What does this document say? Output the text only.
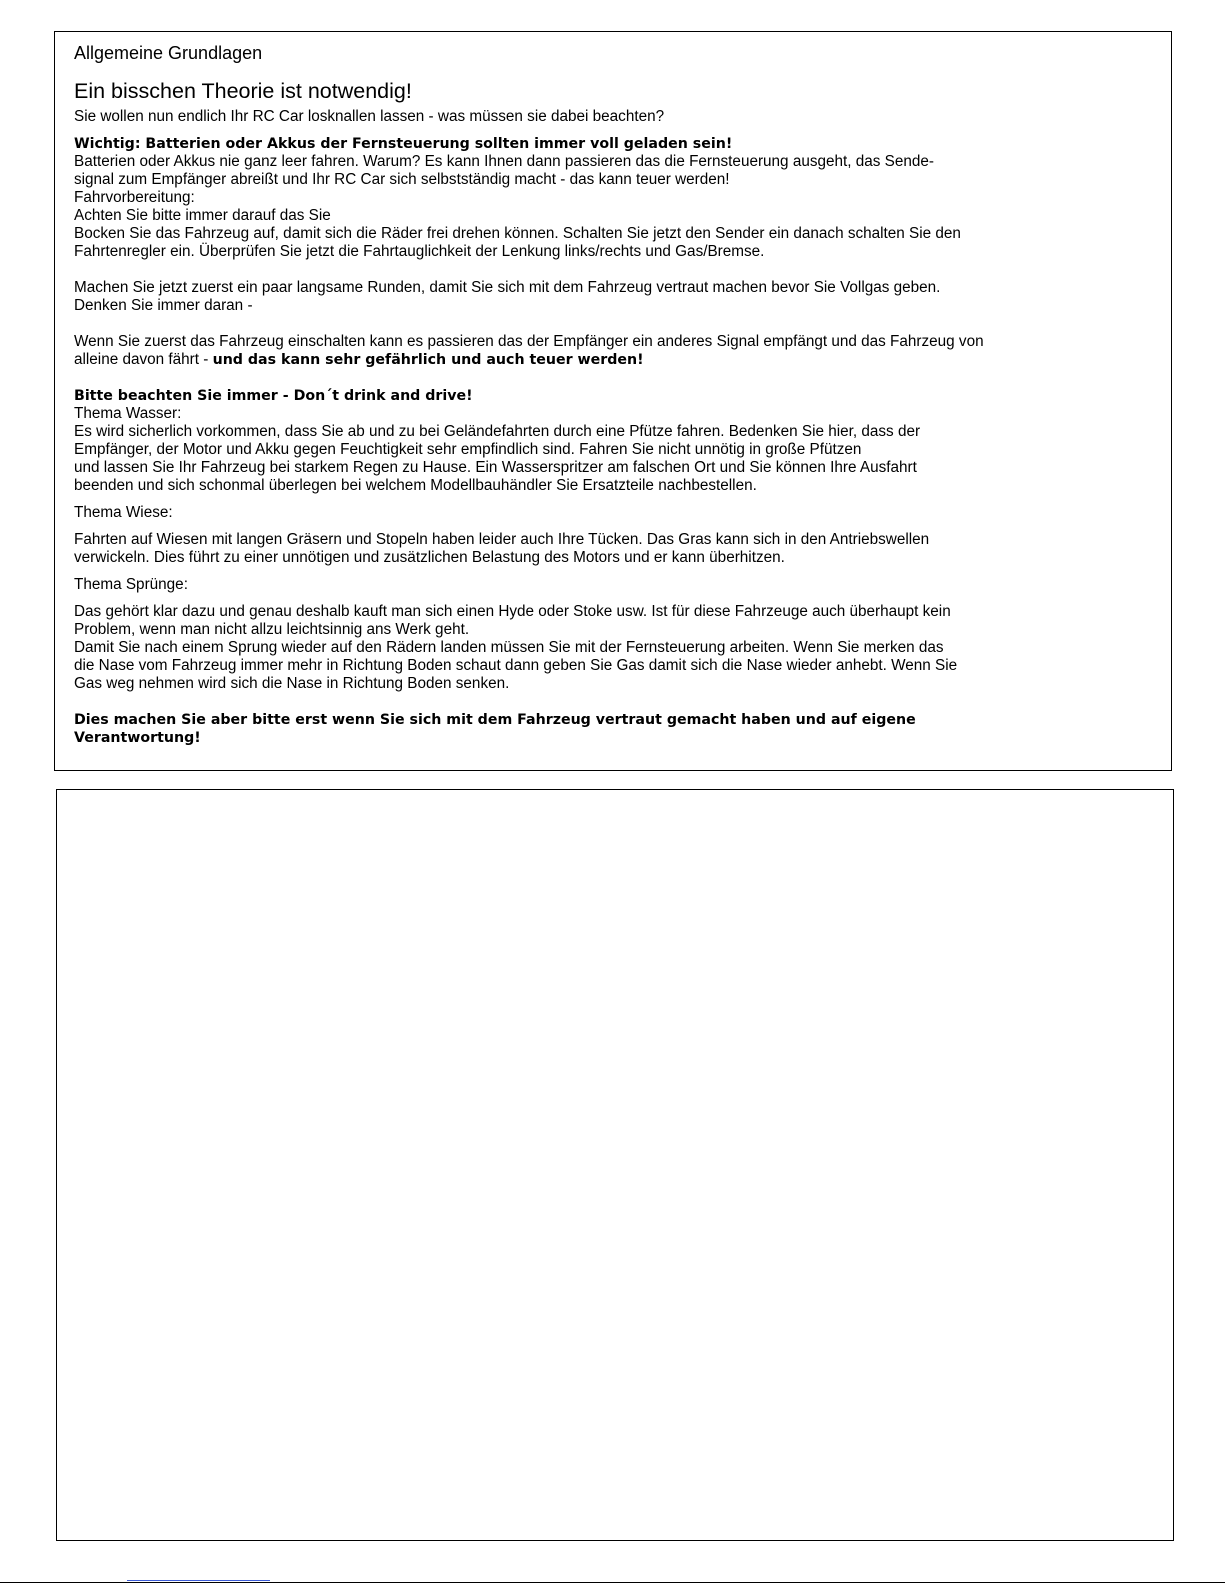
Allgemeine Grundlagen
Ein bisschen Theorie ist notwendig!
Sie wollen nun endlich Ihr RC Car losknallen lassen - was müssen sie dabei beachten?
Wichtig: Batterien oder Akkus der Fernsteuerung sollten immer voll geladen sein!
Batterien oder Akkus nie ganz leer fahren. Warum? Es kann Ihnen dann passieren das die Fernsteuerung ausgeht, das Sende-
signal zum Empfänger abreißt und Ihr RC Car sich selbstständig macht - das kann teuer werden!
Fahrvorbereitung:
Achten Sie bitte immer darauf das Sie
Bocken Sie das Fahrzeug auf, damit sich die Räder frei drehen können. Schalten Sie jetzt den Sender ein danach schalten Sie den
Fahrtenregler ein. Überprüfen Sie jetzt die Fahrtauglichkeit der Lenkung links/rechts und Gas/Bremse.
Machen Sie jetzt zuerst ein paar langsame Runden, damit Sie sich mit dem Fahrzeug vertraut machen bevor Sie Vollgas geben.
Denken Sie immer daran -
Wenn Sie zuerst das Fahrzeug einschalten kann es passieren das der Empfänger ein anderes Signal empfängt und das Fahrzeug von
alleine davon fährt - und das kann sehr gefährlich und auch teuer werden!
Bitte beachten Sie immer - Don´t drink and drive!
Thema Wasser:
Es wird sicherlich vorkommen, dass Sie ab und zu bei Geländefahrten durch eine Pfütze fahren. Bedenken Sie hier, dass der
Empfänger, der Motor und Akku gegen Feuchtigkeit sehr empfindlich sind. Fahren Sie nicht unnötig in große Pfützen
und lassen Sie Ihr Fahrzeug bei starkem Regen zu Hause. Ein Wasserspritzer am falschen Ort und Sie können Ihre Ausfahrt
beenden und sich schonmal überlegen bei welchem Modellbauhändler Sie Ersatzteile nachbestellen.
Thema Wiese:
Fahrten auf Wiesen mit langen Gräsern und Stopeln haben leider auch Ihre Tücken. Das Gras kann sich in den Antriebswellen
verwickeln. Dies führt zu einer unnötigen und zusätzlichen Belastung des Motors und er kann überhitzen.
Thema Sprünge:
Das gehört klar dazu und genau deshalb kauft man sich einen Hyde oder Stoke usw. Ist für diese Fahrzeuge auch überhaupt kein
Problem, wenn man nicht allzu leichtsinnig ans Werk geht.
Damit Sie nach einem Sprung wieder auf den Rädern landen müssen Sie mit der Fernsteuerung arbeiten. Wenn Sie merken das
die Nase vom Fahrzeug immer mehr in Richtung Boden schaut dann geben Sie Gas damit sich die Nase wieder anhebt. Wenn Sie
Gas weg nehmen wird sich die Nase in Richtung Boden senken.
Dies machen Sie aber bitte erst wenn Sie sich mit dem Fahrzeug vertraut gemacht haben und auf eigene
Verantwortung!
